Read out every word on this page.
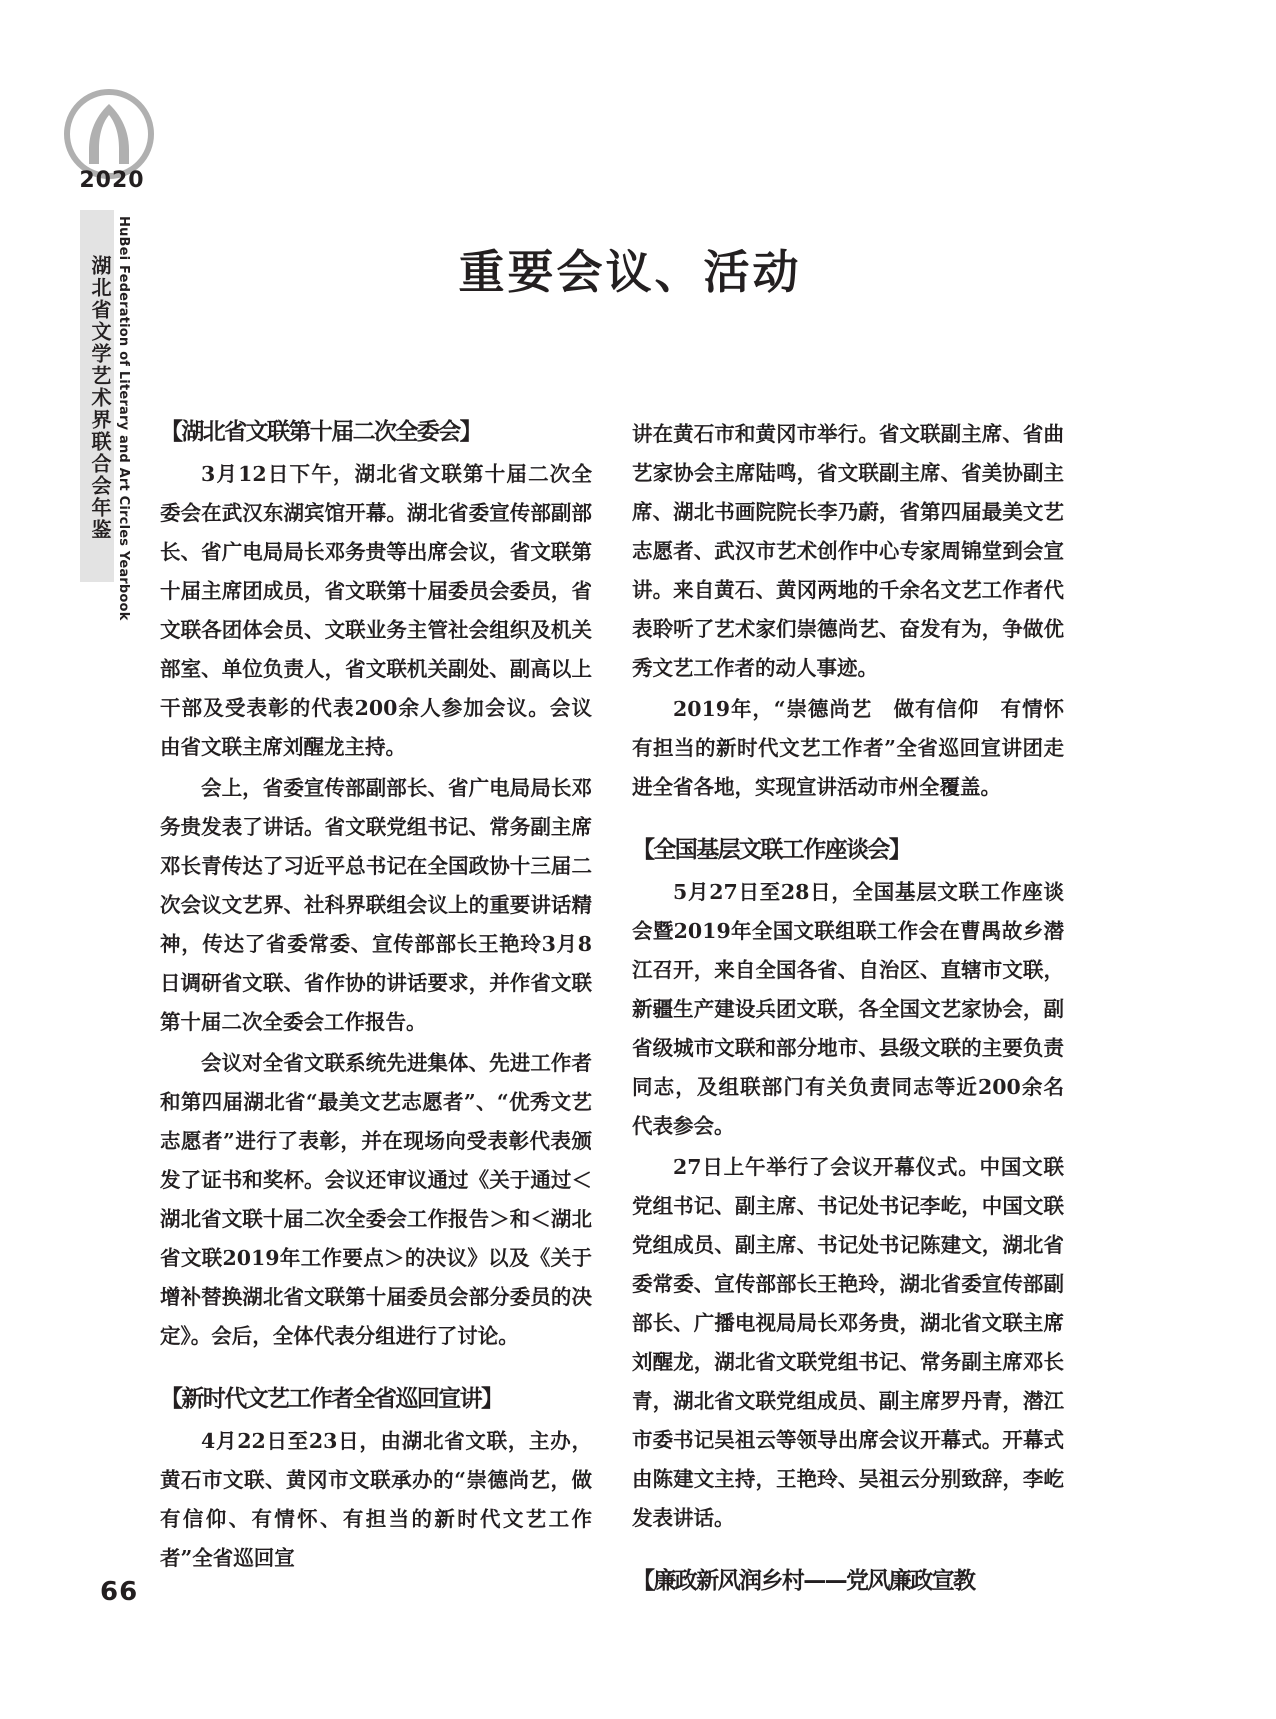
2020
湖北省文学艺术界联合会年鉴 HuBei Federation of Literary and Art Circles Yearbook	重要会议、活动
【湖北省文联第十届二次全委会】

3月12日下午，湖北省文联第十届二次全委会在武汉东湖宾馆开幕。湖北省委宣传部副部长、省广电局局长邓务贵等出席会议，省文联第十届主席团成员，省文联第十届委员会委员，省文联各团体会员、文联业务主管社会组织及机关部室、单位负责人，省文联机关副处、副高以上干部及受表彰的代表200余人参加会议。会议由省文联主席刘醒龙主持。

会上，省委宣传部副部长、省广电局局长邓务贵发表了讲话。省文联党组书记、常务副主席邓长青传达了习近平总书记在全国政协十三届二次会议文艺界、社科界联组会议上的重要讲话精神，传达了省委常委、宣传部部长王艳玲3月8日调研省文联、省作协的讲话要求，并作省文联第十届二次全委会工作报告。

会议对全省文联系统先进集体、先进工作者和第四届湖北省“最美文艺志愿者”、“优秀文艺志愿者”进行了表彰，并在现场向受表彰代表颁发了证书和奖杯。会议还审议通过《关于通过＜湖北省文联十届二次全委会工作报告＞和＜湖北省文联2019年工作要点＞的决议》以及《关于增补替换湖北省文联第十届委员会部分委员的决定》。会后，全体代表分组进行了讨论。

【新时代文艺工作者全省巡回宣讲】

4月22日至23日，由湖北省文联，主办，黄石市文联、黄冈市文联承办的“崇德尚艺，做有信仰、有情怀、有担当的新时代文艺工作者”全省巡回宣

讲在黄石市和黄冈市举行。省文联副主席、省曲艺家协会主席陆鸣，省文联副主席、省美协副主席、湖北书画院院长李乃蔚，省第四届最美文艺志愿者、武汉市艺术创作中心专家周锦堂到会宣讲。来自黄石、黄冈两地的千余名文艺工作者代表聆听了艺术家们崇德尚艺、奋发有为，争做优秀文艺工作者的动人事迹。

2019年，“崇德尚艺　做有信仰　有情怀　有担当的新时代文艺工作者”全省巡回宣讲团走进全省各地，实现宣讲活动市州全覆盖。

【全国基层文联工作座谈会】

5月27日至28日，全国基层文联工作座谈会暨2019年全国文联组联工作会在曹禺故乡潜江召开，来自全国各省、自治区、直辖市文联，新疆生产建设兵团文联，各全国文艺家协会，副省级城市文联和部分地市、县级文联的主要负责同志，及组联部门有关负责同志等近200余名代表参会。

27日上午举行了会议开幕仪式。中国文联党组书记、副主席、书记处书记李屹，中国文联党组成员、副主席、书记处书记陈建文，湖北省委常委、宣传部部长王艳玲，湖北省委宣传部副部长、广播电视局局长邓务贵，湖北省文联主席刘醒龙，湖北省文联党组书记、常务副主席邓长青，湖北省文联党组成员、副主席罗丹青，潜江市委书记吴祖云等领导出席会议开幕式。开幕式由陈建文主持，王艳玲、吴祖云分别致辞，李屹发表讲话。

【廉政新风润乡村——党风廉政宣教
66
